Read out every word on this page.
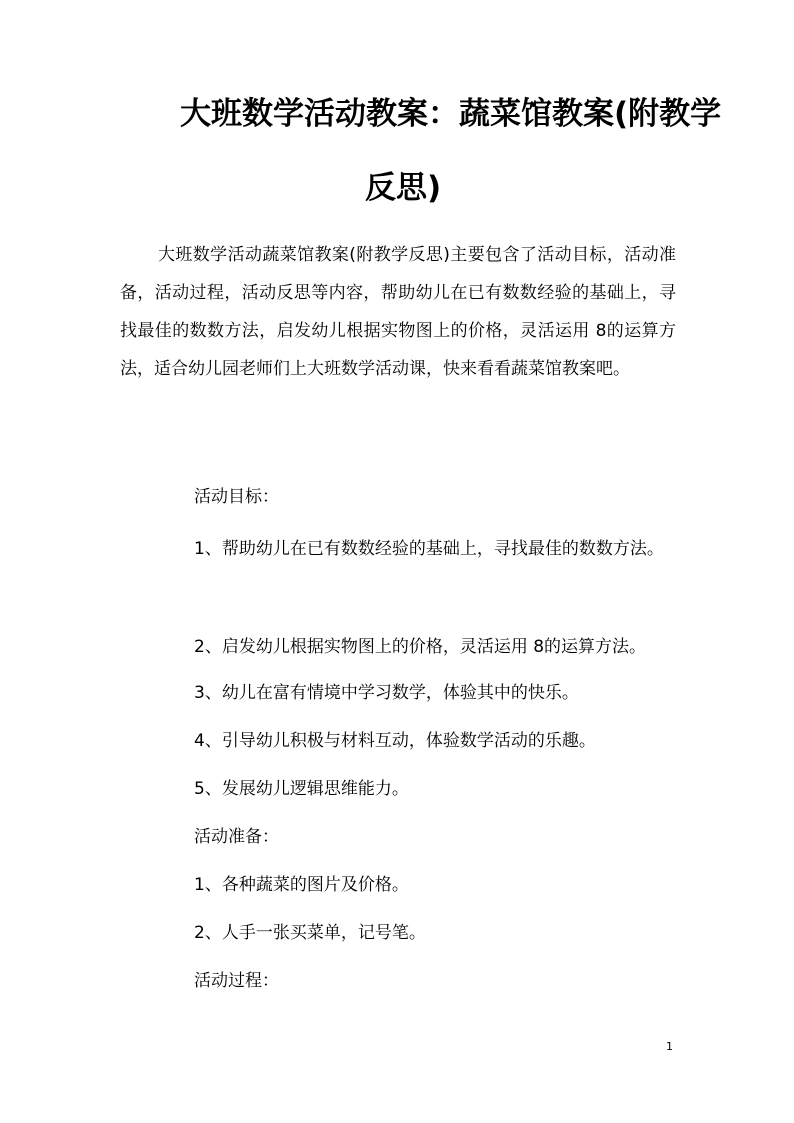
大班数学活动教案：蔬菜馆教案(附教学
反思)

大班数学活动蔬菜馆教案(附教学反思)主要包含了活动目标，活动准备，活动过程，活动反思等内容，帮助幼儿在已有数数经验的基础上，寻找最佳的数数方法，启发幼儿根据实物图上的价格，灵活运用 8的运算方法，适合幼儿园老师们上大班数学活动课，快来看看蔬菜馆教案吧。

活动目标：

1、帮助幼儿在已有数数经验的基础上，寻找最佳的数数方法。

2、启发幼儿根据实物图上的价格，灵活运用 8的运算方法。

3、幼儿在富有情境中学习数学，体验其中的快乐。

4、引导幼儿积极与材料互动，体验数学活动的乐趣。

5、发展幼儿逻辑思维能力。

活动准备：

1、各种蔬菜的图片及价格。

2、人手一张买菜单，记号笔。

活动过程：

1
